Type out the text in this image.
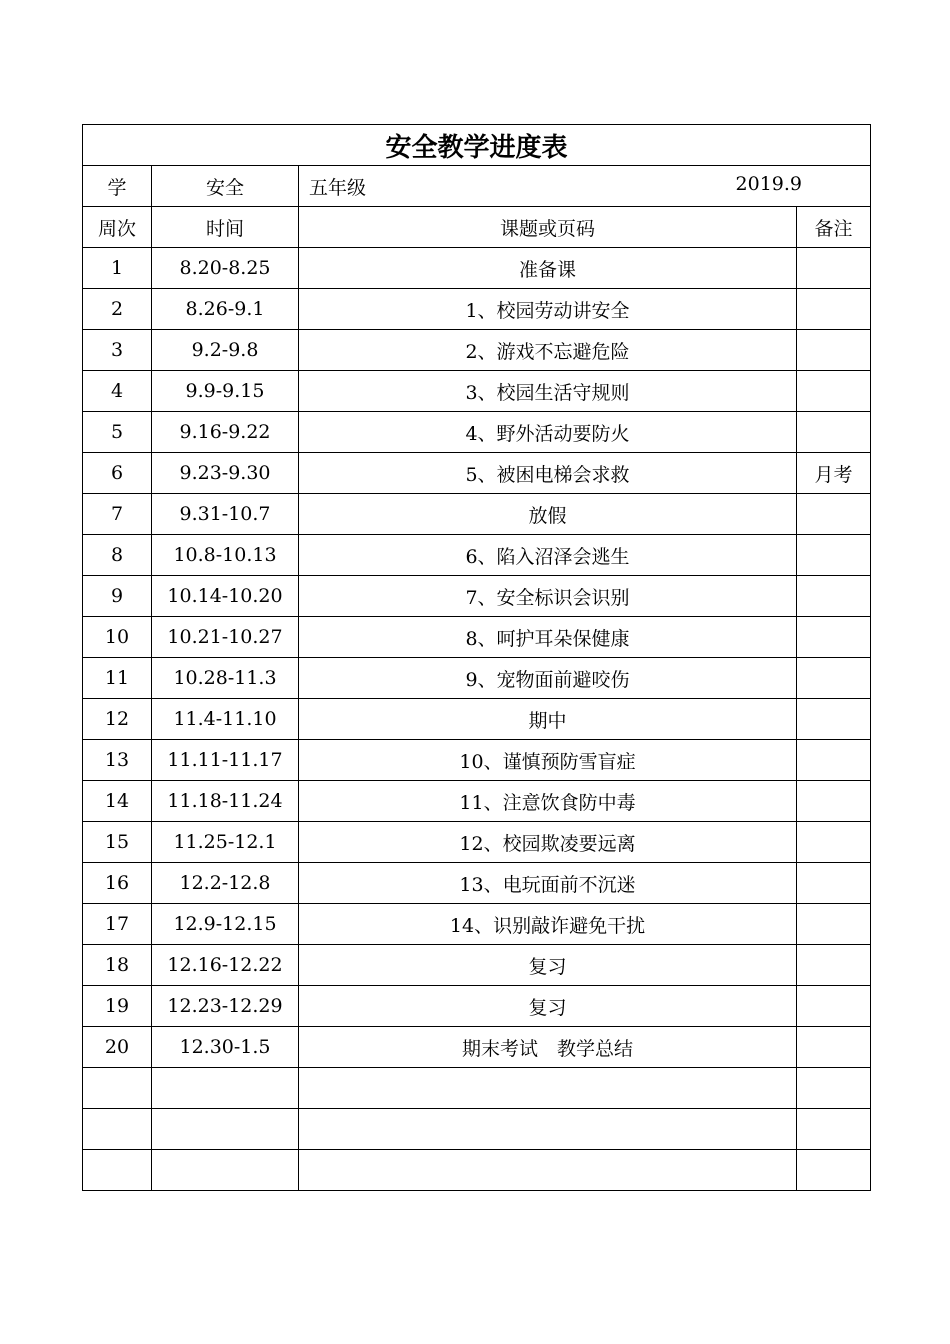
安全教学进度表			
学	安全	五年级 2019.9	

周次	时间	课题或页码	备注
1	8.20-8.25	准备课	
2	8.26-9.1	1、校园劳动讲安全	
3	9.2-9.8	2、游戏不忘避危险	
4	9.9-9.15	3、校园生活守规则	
5	9.16-9.22	4、野外活动要防火	
6	9.23-9.30	5、被困电梯会求救	月考
7	9.31-10.7	放假	
8	10.8-10.13	6、陷入沼泽会逃生	
9	10.14-10.20	7、安全标识会识别	
10	10.21-10.27	8、呵护耳朵保健康	
11	10.28-11.3	9、宠物面前避咬伤	
12	11.4-11.10	期中	
13	11.11-11.17	10、谨慎预防雪盲症	
14	11.18-11.24	11、注意饮食防中毒	
15	11.25-12.1	12、校园欺凌要远离	
16	12.2-12.8	13、电玩面前不沉迷	
17	12.9-12.15	14、识别敲诈避免干扰	
18	12.16-12.22	复习	
19	12.23-12.29	复习	
20	12.30-1.5	期末考试　教学总结	
